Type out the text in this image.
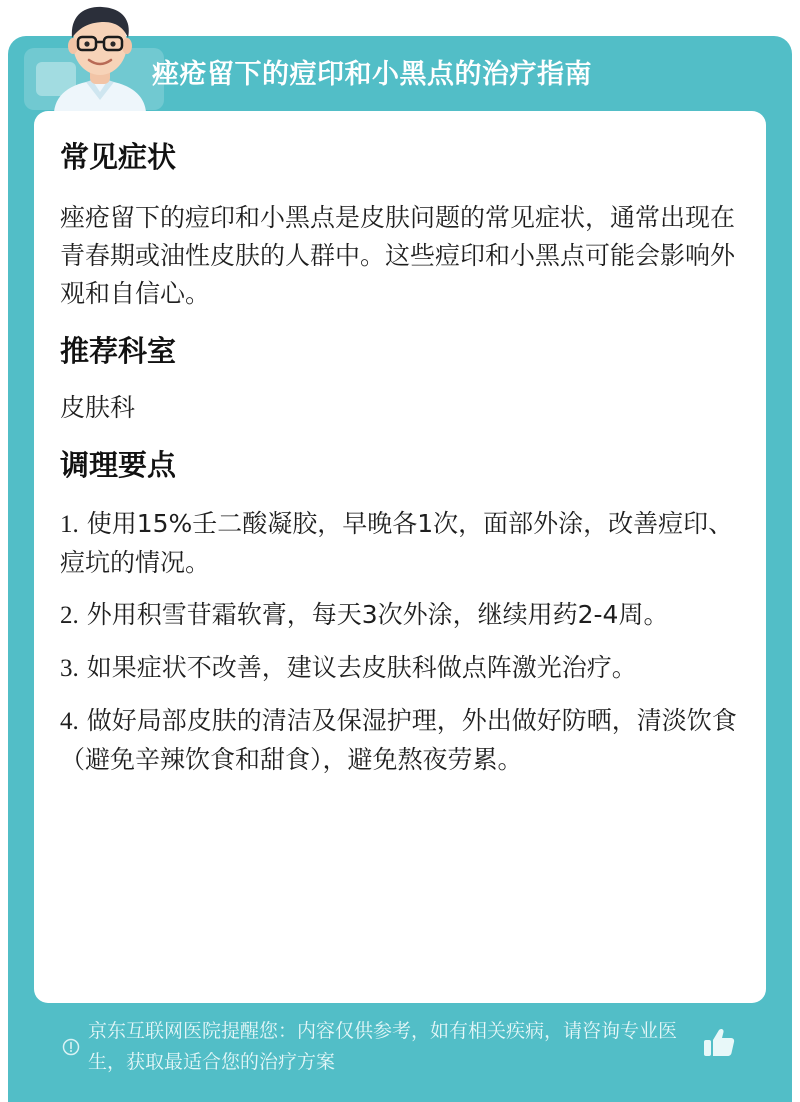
痤疮留下的痘印和小黑点的治疗指南
常见症状

痤疮留下的痘印和小黑点是皮肤问题的常见症状，通常出现在青春期或油性皮肤的人群中。这些痘印和小黑点可能会影响外观和自信心。

推荐科室

皮肤科

调理要点

1. 使用15%壬二酸凝胶，早晚各1次，面部外涂，改善痘印、痘坑的情况。

2. 外用积雪苷霜软膏，每天3次外涂，继续用药2-4周。

3. 如果症状不改善，建议去皮肤科做点阵激光治疗。

4. 做好局部皮肤的清洁及保湿护理，外出做好防晒，清淡饮食（避免辛辣饮食和甜食），避免熬夜劳累。

京东互联网医院提醒您：内容仅供参考，如有相关疾病，请咨询专业医生，获取最适合您的治疗方案
